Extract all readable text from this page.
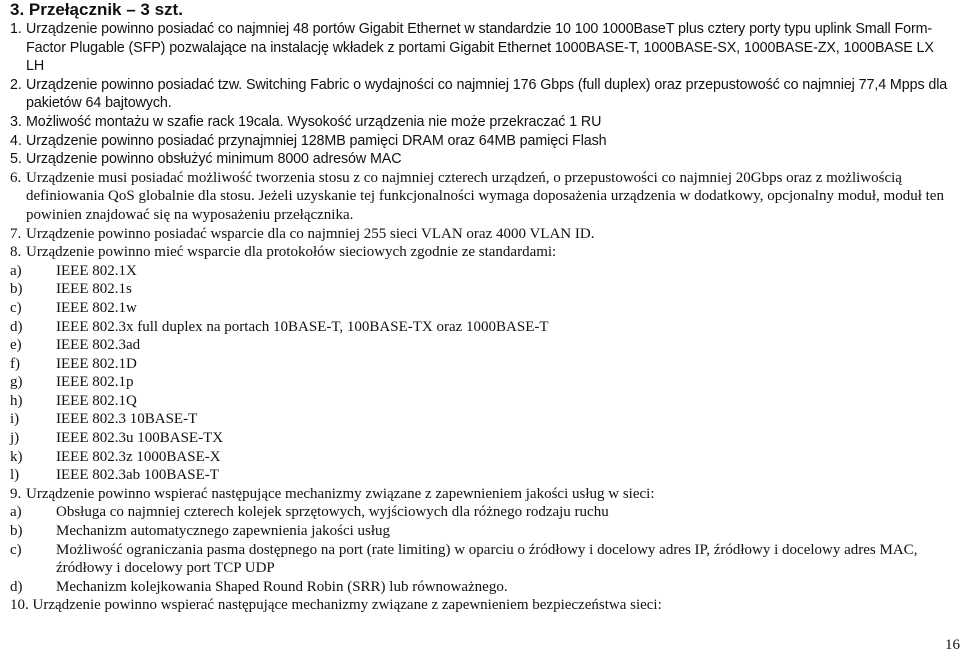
3. Przełącznik – 3 szt.
1. Urządzenie powinno posiadać co najmniej 48 portów Gigabit Ethernet w standardzie 10 100 1000BaseT plus cztery porty typu uplink Small Form-Factor Plugable (SFP) pozwalające na instalację wkładek z portami Gigabit Ethernet 1000BASE-T, 1000BASE-SX, 1000BASE-ZX, 1000BASE LX LH
2. Urządzenie powinno posiadać tzw. Switching Fabric o wydajności co najmniej 176 Gbps (full duplex) oraz przepustowość co najmniej 77,4 Mpps dla pakietów 64 bajtowych.
3. Możliwość montażu w szafie rack 19cala. Wysokość urządzenia nie może przekraczać 1 RU
4. Urządzenie powinno posiadać przynajmniej 128MB pamięci DRAM oraz 64MB pamięci Flash
5. Urządzenie powinno obsłużyć minimum 8000 adresów MAC
6. Urządzenie musi posiadać możliwość tworzenia stosu z co najmniej czterech urządzeń, o przepustowości co najmniej 20Gbps oraz z możliwością definiowania QoS globalnie dla stosu. Jeżeli uzyskanie tej funkcjonalności wymaga doposażenia urządzenia w dodatkowy, opcjonalny moduł, moduł ten powinien znajdować się na wyposażeniu przełącznika.
7. Urządzenie powinno posiadać wsparcie dla co najmniej 255 sieci VLAN oraz 4000 VLAN ID.
8. Urządzenie powinno mieć wsparcie dla protokołów sieciowych zgodnie ze standardami:
a) IEEE 802.1X
b) IEEE 802.1s
c) IEEE 802.1w
d) IEEE 802.3x full duplex na portach 10BASE-T, 100BASE-TX oraz 1000BASE-T
e) IEEE 802.3ad
f) IEEE 802.1D
g) IEEE 802.1p
h) IEEE 802.1Q
i) IEEE 802.3 10BASE-T
j) IEEE 802.3u 100BASE-TX
k) IEEE 802.3z 1000BASE-X
l) IEEE 802.3ab 100BASE-T
9. Urządzenie powinno wspierać następujące mechanizmy związane z zapewnieniem jakości usług w sieci:
a) Obsługa co najmniej czterech kolejek sprzętowych, wyjściowych dla różnego rodzaju ruchu
b) Mechanizm automatycznego zapewnienia jakości usług
c) Możliwość ograniczania pasma dostępnego na port (rate limiting) w oparciu o źródłowy i docelowy adres IP, źródłowy i docelowy adres MAC, źródłowy i docelowy port TCP UDP
d) Mechanizm kolejkowania Shaped Round Robin (SRR) lub równoważnego.
10. Urządzenie powinno wspierać następujące mechanizmy związane z zapewnieniem bezpieczeństwa sieci:
16
